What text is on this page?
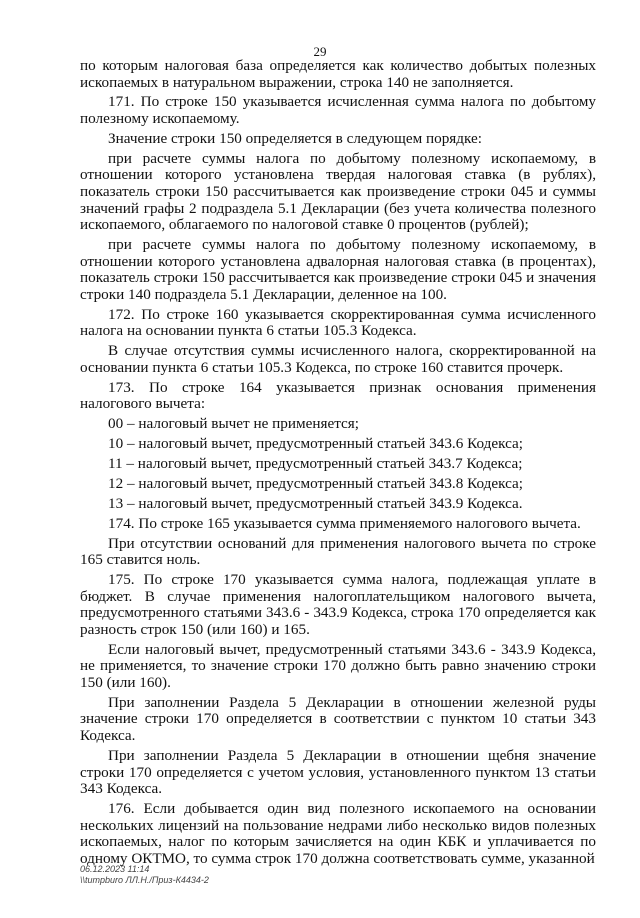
29

по которым налоговая база определяется как количество добытых полезных ископаемых в натуральном выражении, строка 140 не заполняется.

171. По строке 150 указывается исчисленная сумма налога по добытому полезному ископаемому.

Значение строки 150 определяется в следующем порядке:

при расчете суммы налога по добытому полезному ископаемому, в отношении которого установлена твердая налоговая ставка (в рублях), показатель строки 150 рассчитывается как произведение строки 045 и суммы значений графы 2 подраздела 5.1 Декларации (без учета количества полезного ископаемого, облагаемого по налоговой ставке 0 процентов (рублей);

при расчете суммы налога по добытому полезному ископаемому, в отношении которого установлена адвалорная налоговая ставка (в процентах), показатель строки 150 рассчитывается как произведение строки 045 и значения строки 140 подраздела 5.1 Декларации, деленное на 100.

172. По строке 160 указывается скорректированная сумма исчисленного налога на основании пункта 6 статьи 105.3 Кодекса.

В случае отсутствия суммы исчисленного налога, скорректированной на основании пункта 6 статьи 105.3 Кодекса, по строке 160 ставится прочерк.

173. По строке 164 указывается признак основания применения налогового вычета:

00 – налоговый вычет не применяется;

10 – налоговый вычет, предусмотренный статьей 343.6 Кодекса;

11 – налоговый вычет, предусмотренный статьей 343.7 Кодекса;

12 – налоговый вычет, предусмотренный статьей 343.8 Кодекса;

13 – налоговый вычет, предусмотренный статьей 343.9 Кодекса.

174. По строке 165 указывается сумма применяемого налогового вычета.

При отсутствии оснований для применения налогового вычета по строке 165 ставится ноль.

175. По строке 170 указывается сумма налога, подлежащая уплате в бюджет. В случае применения налогоплательщиком налогового вычета, предусмотренного статьями 343.6 - 343.9 Кодекса, строка 170 определяется как разность строк 150 (или 160) и 165.

Если налоговый вычет, предусмотренный статьями 343.6 - 343.9 Кодекса, не применяется, то значение строки 170 должно быть равно значению строки 150 (или 160).

При заполнении Раздела 5 Декларации в отношении железной руды значение строки 170 определяется в соответствии с пунктом 10 статьи 343 Кодекса.

При заполнении Раздела 5 Декларации в отношении щебня значение строки 170 определяется с учетом условия, установленного пунктом 13 статьи 343 Кодекса.

176. Если добывается один вид полезного ископаемого на основании нескольких лицензий на пользование недрами либо несколько видов полезных ископаемых, налог по которым зачисляется на один КБК и уплачивается по одному ОКТМО, то сумма строк 170 должна соответствовать сумме, указанной

06.12.2023 11:14
\\tumpburo ЛЛ.Н./Приз-К4434-2
